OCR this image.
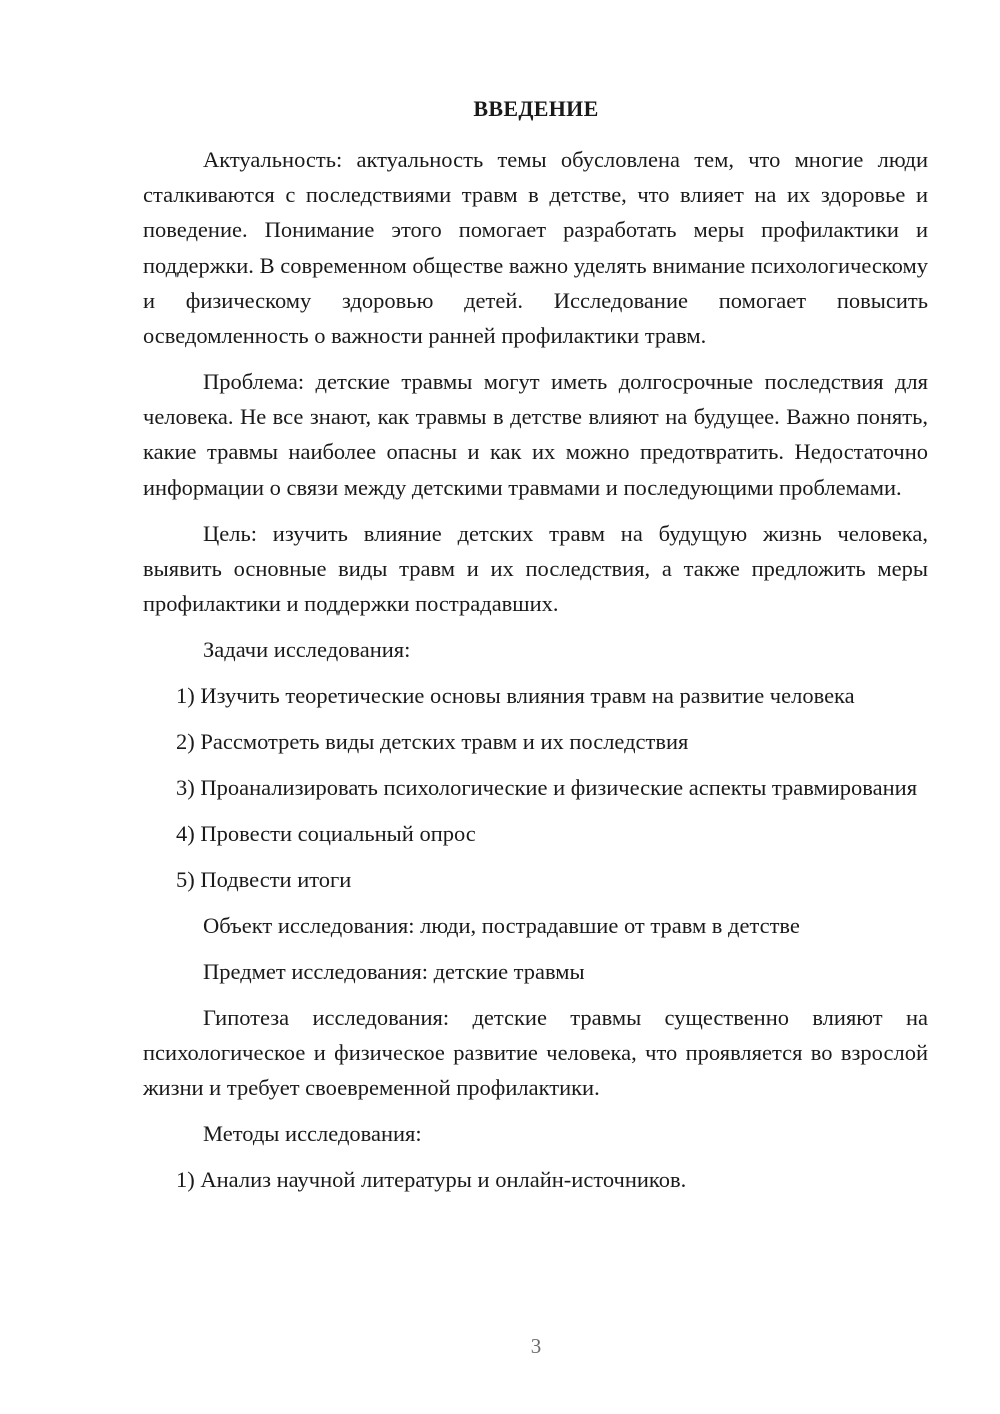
ВВЕДЕНИЕ

Актуальность: актуальность темы обусловлена тем, что многие люди сталкиваются с последствиями травм в детстве, что влияет на их здоровье и поведение. Понимание этого помогает разработать меры профилактики и поддержки. В современном обществе важно уделять внимание психологическому и физическому здоровью детей. Исследование помогает повысить осведомленность о важности ранней профилактики травм.

Проблема: детские травмы могут иметь долгосрочные последствия для человека. Не все знают, как травмы в детстве влияют на будущее. Важно понять, какие травмы наиболее опасны и как их можно предотвратить. Недостаточно информации о связи между детскими травмами и последующими проблемами.

Цель: изучить влияние детских травм на будущую жизнь человека, выявить основные виды травм и их последствия, а также предложить меры профилактики и поддержки пострадавших.

Задачи исследования:

1) Изучить теоретические основы влияния травм на развитие человека

2) Рассмотреть виды детских травм и их последствия

3) Проанализировать психологические и физические аспекты травмирования

4) Провести социальный опрос

5) Подвести итоги

Объект исследования: люди, пострадавшие от травм в детстве

Предмет исследования: детские травмы

Гипотеза исследования: детские травмы существенно влияют на психологическое и физическое развитие человека, что проявляется во взрослой жизни и требует своевременной профилактики.

Методы исследования:

1) Анализ научной литературы и онлайн-источников.

3
